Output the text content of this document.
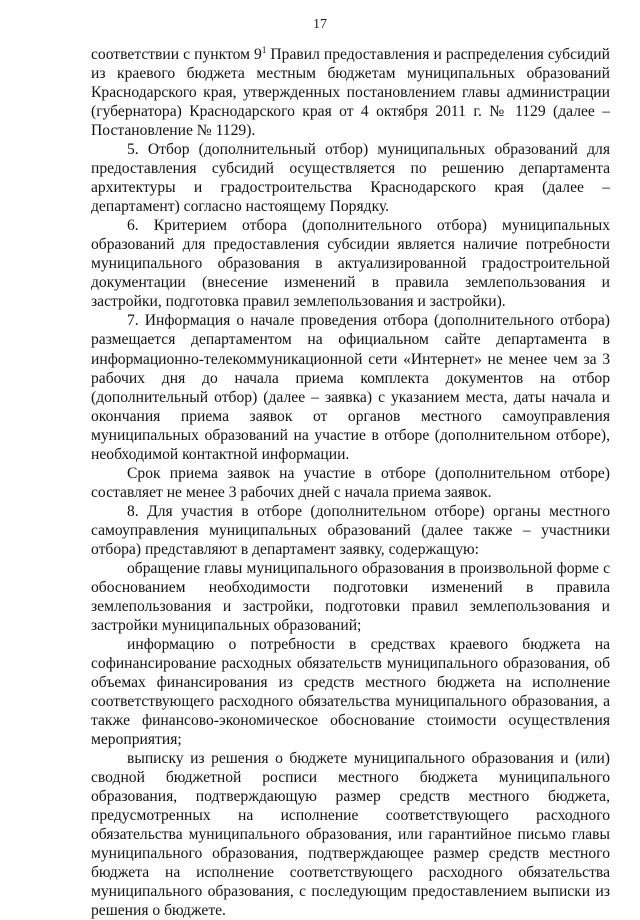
17

соответствии с пунктом $9^1$ Правил предоставления и распределения субсидий из краевого бюджета местным бюджетам муниципальных образований Краснодарского края, утвержденных постановлением главы администрации (губернатора) Краснодарского края от 4 октября 2011 г. № 1129 (далее – Постановление № 1129).

5. Отбор (дополнительный отбор) муниципальных образований для предоставления субсидий осуществляется по решению департамента архитектуры и градостроительства Краснодарского края (далее – департамент) согласно настоящему Порядку.

6. Критерием отбора (дополнительного отбора) муниципальных образований для предоставления субсидии является наличие потребности муниципального образования в актуализированной градостроительной документации (внесение изменений в правила землепользования и застройки, подготовка правил землепользования и застройки).

7. Информация о начале проведения отбора (дополнительного отбора) размещается департаментом на официальном сайте департамента в информационно-телекоммуникационной сети «Интернет» не менее чем за 3 рабочих дня до начала приема комплекта документов на отбор (дополнительный отбор) (далее – заявка) с указанием места, даты начала и окончания приема заявок от органов местного самоуправления муниципальных образований на участие в отборе (дополнительном отборе), необходимой контактной информации.

Срок приема заявок на участие в отборе (дополнительном отборе) составляет не менее 3 рабочих дней с начала приема заявок.

8. Для участия в отборе (дополнительном отборе) органы местного самоуправления муниципальных образований (далее также – участники отбора) представляют в департамент заявку, содержащую:

обращение главы муниципального образования в произвольной форме с обоснованием необходимости подготовки изменений в правила землепользования и застройки, подготовки правил землепользования и застройки муниципальных образований;

информацию о потребности в средствах краевого бюджета на софинансирование расходных обязательств муниципального образования, об объемах финансирования из средств местного бюджета на исполнение соответствующего расходного обязательства муниципального образования, а также финансово-экономическое обоснование стоимости осуществления мероприятия;

выписку из решения о бюджете муниципального образования и (или) сводной бюджетной росписи местного бюджета муниципального образования, подтверждающую размер средств местного бюджета, предусмотренных на исполнение соответствующего расходного обязательства муниципального образования, или гарантийное письмо главы муниципального образования, подтверждающее размер средств местного бюджета на исполнение соответствующего расходного обязательства муниципального образования, с последующим предоставлением выписки из решения о бюджете.
